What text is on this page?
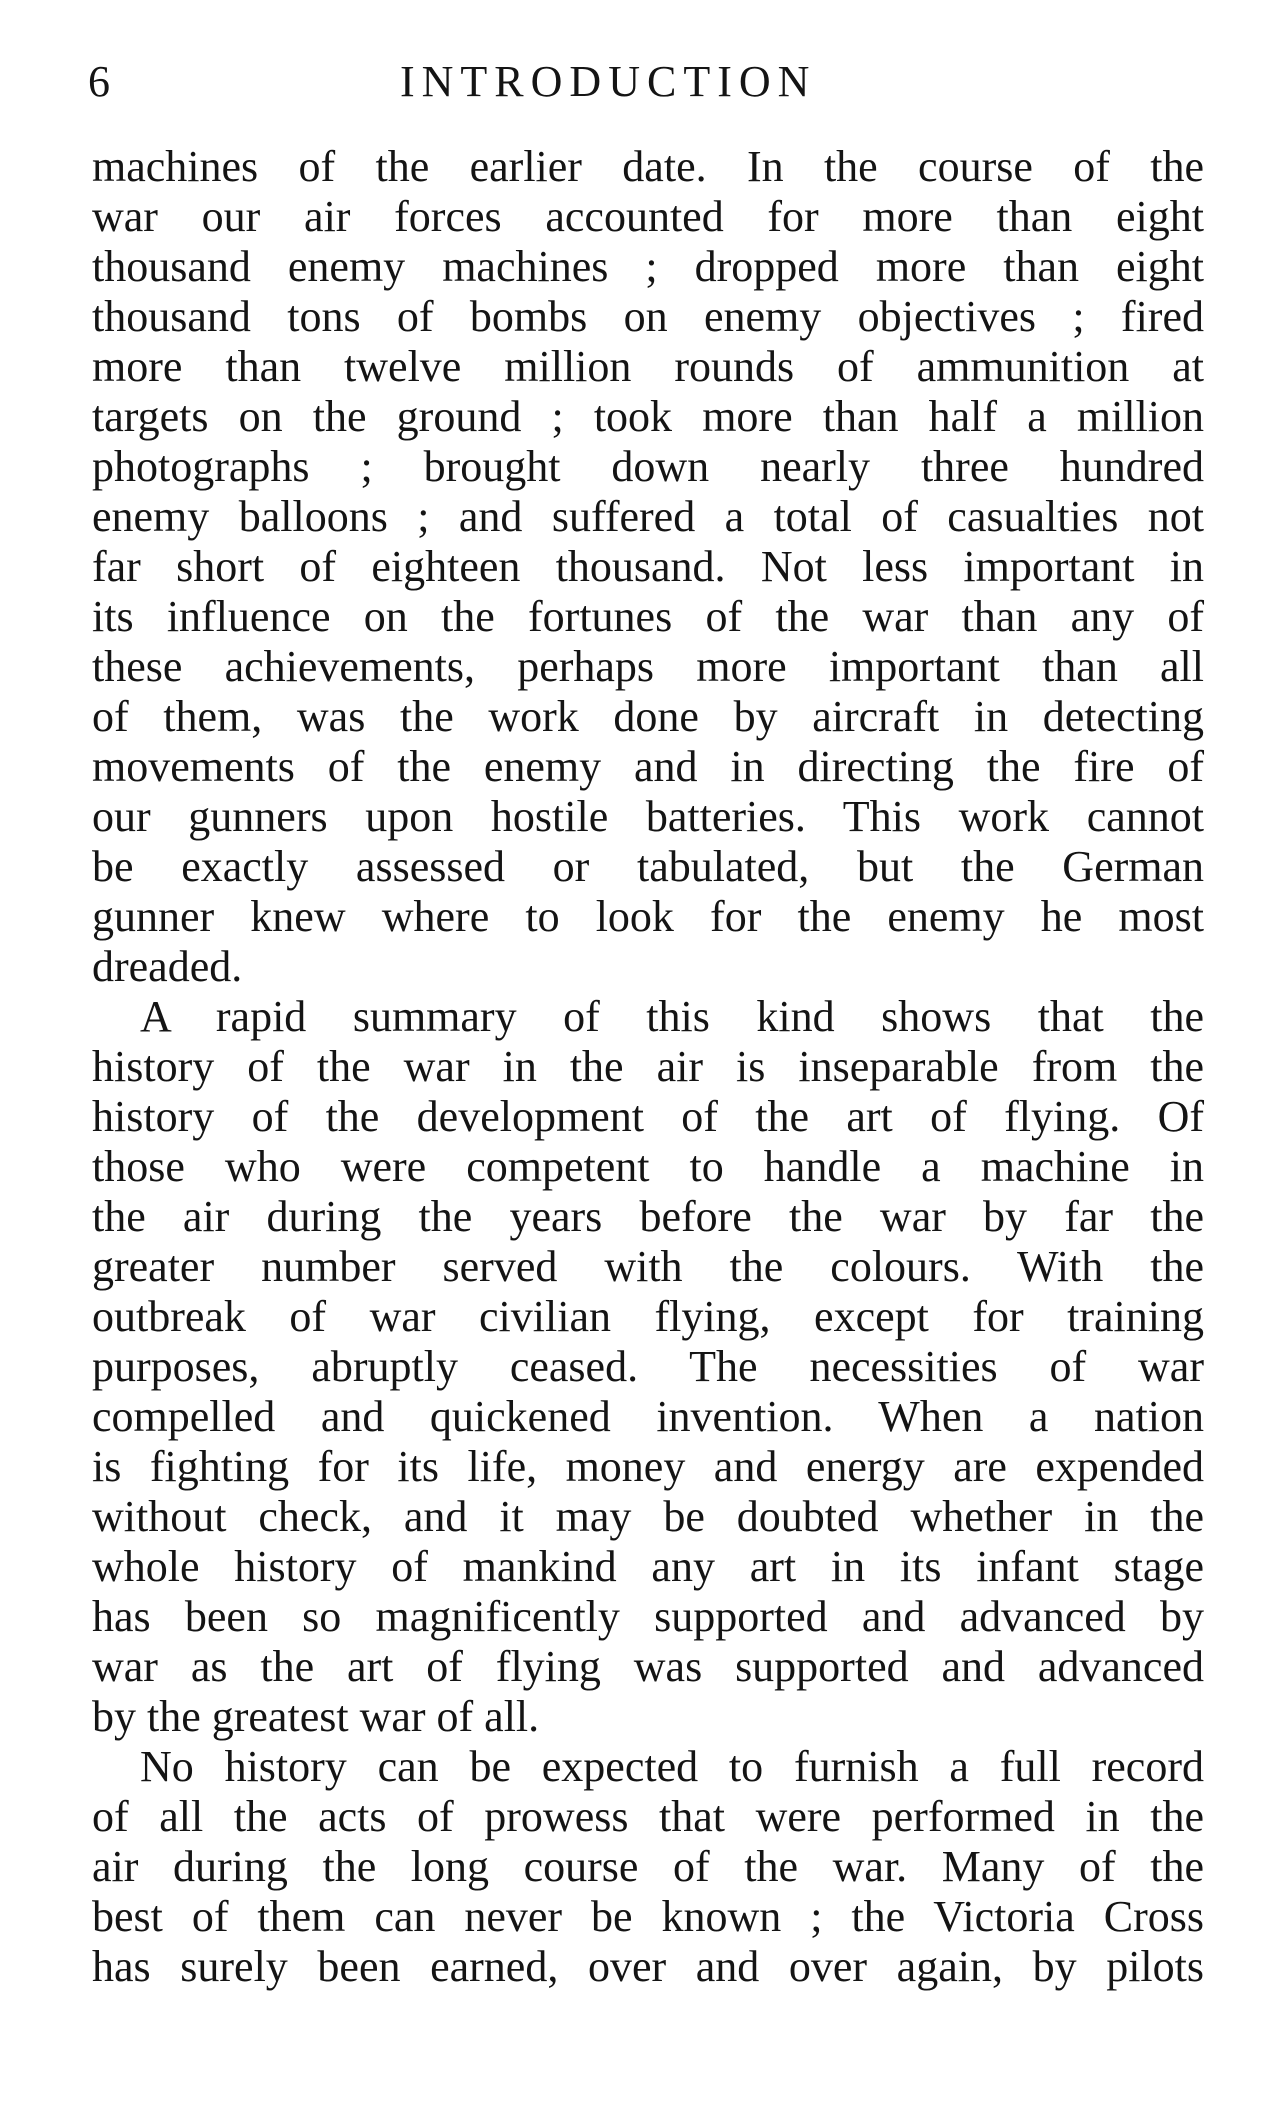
6	INTRODUCTION
machines of the earlier date. In the course of the
war our air forces accounted for more than eight
thousand enemy machines ; dropped more than eight
thousand tons of bombs on enemy objectives ; fired
more than twelve million rounds of ammunition at
targets on the ground ; took more than half a million
photographs ; brought down nearly three hundred
enemy balloons ; and suffered a total of casualties not
far short of eighteen thousand. Not less important in
its influence on the fortunes of the war than any of
these achievements, perhaps more important than all
of them, was the work done by aircraft in detecting
movements of the enemy and in directing the fire of
our gunners upon hostile batteries. This work cannot
be exactly assessed or tabulated, but the German
gunner knew where to look for the enemy he most
dreaded.
A rapid summary of this kind shows that the
history of the war in the air is inseparable from the
history of the development of the art of flying. Of
those who were competent to handle a machine in
the air during the years before the war by far the
greater number served with the colours. With the
outbreak of war civilian flying, except for training
purposes, abruptly ceased. The necessities of war
compelled and quickened invention. When a nation
is fighting for its life, money and energy are expended
without check, and it may be doubted whether in the
whole history of mankind any art in its infant stage
has been so magnificently supported and advanced by
war as the art of flying was supported and advanced
by the greatest war of all.
No history can be expected to furnish a full record
of all the acts of prowess that were performed in the
air during the long course of the war. Many of the
best of them can never be known ; the Victoria Cross
has surely been earned, over and over again, by pilots
